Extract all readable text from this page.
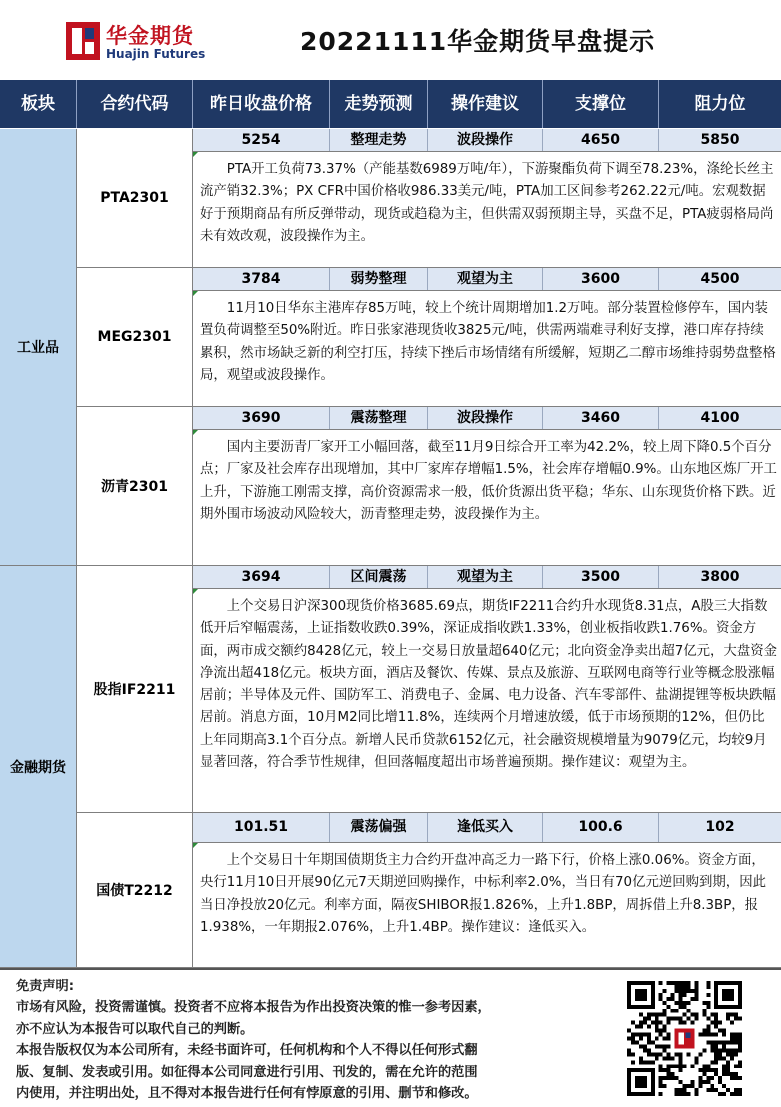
华金期货
Huajin Futures	20221111华金期货早盘提示
板块	合约代码	昨日收盘价格	走势预测	操作建议	支撑位	阻力位
工业品
PTA2301
5254	整理走势	波段操作	4650	5850
PTA开工负荷73.37%（产能基数6989万吨/年），下游聚酯负荷下调至78.23%，涤纶长丝主流产销32.3%；PX CFR中国价格收986.33美元/吨，PTA加工区间参考262.22元/吨。宏观数据好于预期商品有所反弹带动，现货或趋稳为主，但供需双弱预期主导，买盘不足，PTA疲弱格局尚未有效改观，波段操作为主。
MEG2301
3784	弱势整理	观望为主	3600	4500
11月10日华东主港库存85万吨，较上个统计周期增加1.2万吨。部分装置检修停车，国内装置负荷调整至50%附近。昨日张家港现货收3825元/吨，供需两端难寻利好支撑，港口库存持续累积，然市场缺乏新的利空打压，持续下挫后市场情绪有所缓解，短期乙二醇市场维持弱势盘整格局，观望或波段操作。
沥青2301
3690	震荡整理	波段操作	3460	4100
国内主要沥青厂家开工小幅回落，截至11月9日综合开工率为42.2%，较上周下降0.5个百分点；厂家及社会库存出现增加，其中厂家库存增幅1.5%，社会库存增幅0.9%。山东地区炼厂开工上升，下游施工刚需支撑，高价资源需求一般，低价货源出货平稳；华东、山东现货价格下跌。近期外围市场波动风险较大，沥青整理走势，波段操作为主。
金融期货
股指IF2211
3694	区间震荡	观望为主	3500	3800
上个交易日沪深300现货价格3685.69点，期货IF2211合约升水现货8.31点，A股三大指数低开后窄幅震荡，上证指数收跌0.39%，深证成指收跌1.33%，创业板指收跌1.76%。资金方面，两市成交额约8428亿元，较上一交易日放量超640亿元；北向资金净卖出超7亿元，大盘资金净流出超418亿元。板块方面，酒店及餐饮、传媒、景点及旅游、互联网电商等行业等概念股涨幅居前；半导体及元件、国防军工、消费电子、金属、电力设备、汽车零部件、盐湖提锂等板块跌幅居前。消息方面，10月M2同比增11.8%，连续两个月增速放缓，低于市场预期的12%，但仍比上年同期高3.1个百分点。新增人民币贷款6152亿元，社会融资规模增量为9079亿元，均较9月显著回落，符合季节性规律，但回落幅度超出市场普遍预期。操作建议：观望为主。
国债T2212
101.51	震荡偏强	逢低买入	100.6	102
上个交易日十年期国债期货主力合约开盘冲高乏力一路下行，价格上涨0.06%。资金方面，央行11月10日开展90亿元7天期逆回购操作，中标利率2.0%，当日有70亿元逆回购到期，因此当日净投放20亿元。利率方面，隔夜SHIBOR报1.826%，上升1.8BP，周拆借上升8.3BP，报1.938%，一年期报2.076%，上升1.4BP。操作建议：逢低买入。
免责声明:
市场有风险，投资需谨慎。投资者不应将本报告为作出投资决策的惟一参考因素，
亦不应认为本报告可以取代自己的判断。
本报告版权仅为本公司所有，未经书面许可，任何机构和个人不得以任何形式翻
版、复制、发表或引用。如征得本公司同意进行引用、刊发的，需在允许的范围
内使用，并注明出处，且不得对本报告进行任何有悖原意的引用、删节和修改。
